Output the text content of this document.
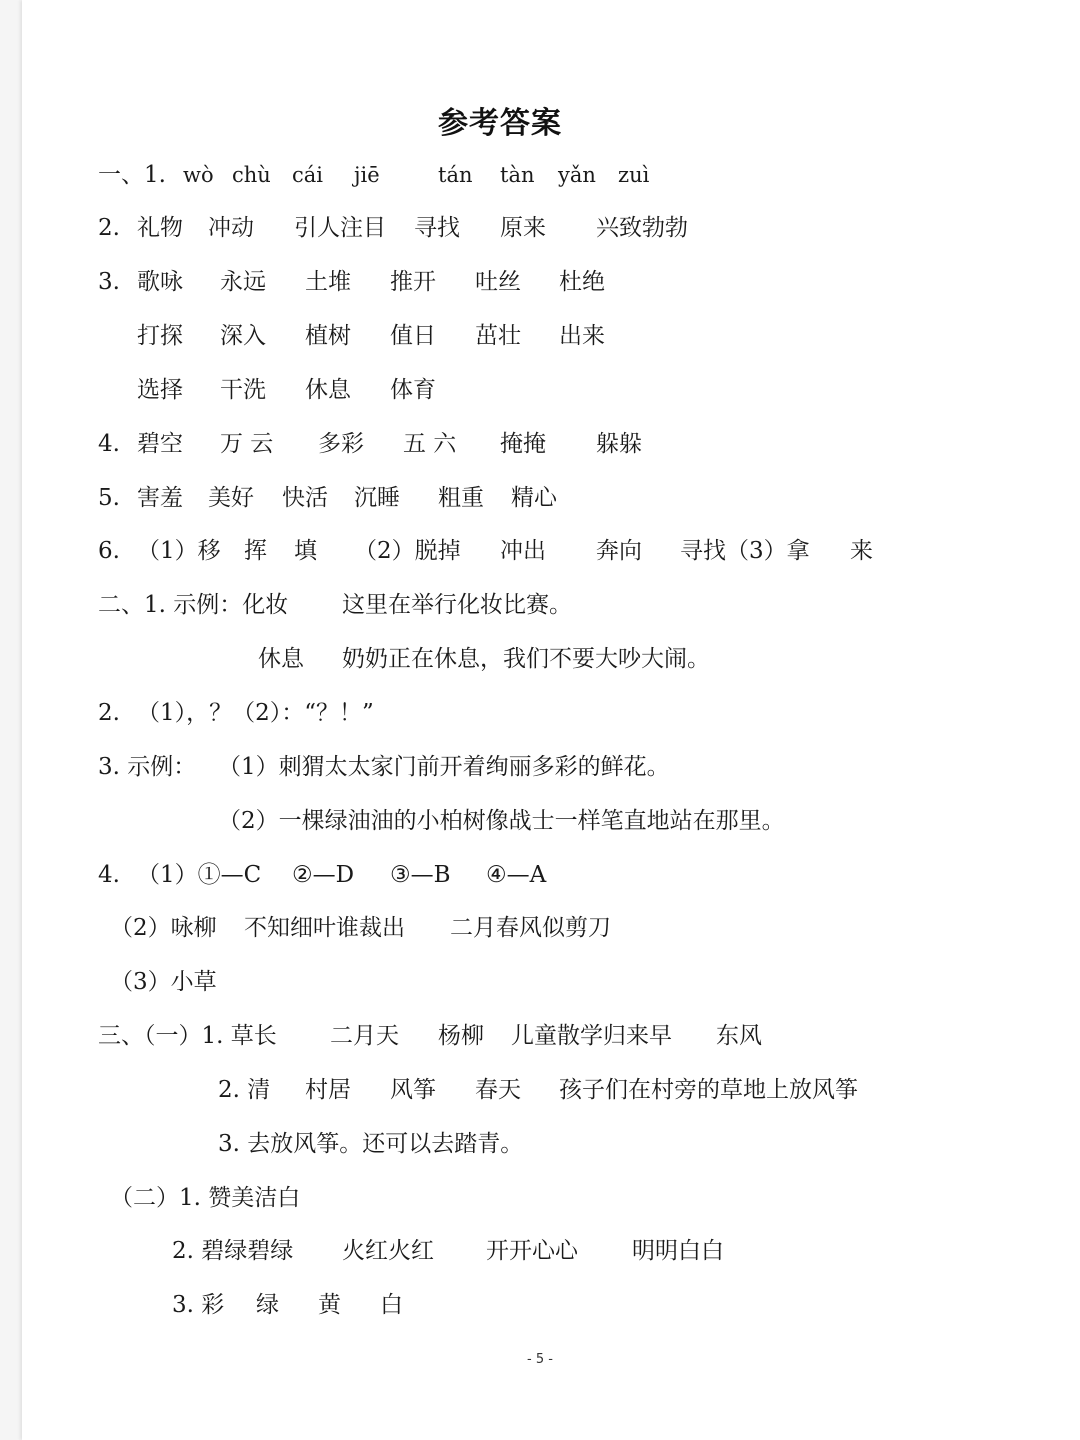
参考答案
一、1. wò chù cái jiē	tán tàn yǎn zuì
2. 礼物 冲动 引人注目 寻找 原来 兴致勃勃
3. 歌咏 永远 土堆 推开 吐丝 杜绝
打探 深入 植树 值日 茁壮 出来
选择 干洗 休息 体育
4. 碧空 万 云 多彩 五 六 掩掩 躲躲
5. 害羞 美好 快活 沉睡 粗重 精心
6. （1）移 挥 填 （2）脱掉 冲出 奔向 寻找（3）拿 来
二、1. 示例：化妆 这里在举行化妆比赛。
休息 奶奶正在休息，我们不要大吵大闹。
2. （1），？（2）：“？！”
3. 示例： （1）刺猬太太家门前开着绚丽多彩的鲜花。
（2）一棵绿油油的小柏树像战士一样笔直地站在那里。
4. （1）①—C ②—D ③—B ④—A
（2）咏柳 不知细叶谁裁出 二月春风似剪刀
（3）小草
三、（一）1. 草长 二月天 杨柳 儿童散学归来早 东风
2. 清 村居 风筝 春天 孩子们在村旁的草地上放风筝
3. 去放风筝。还可以去踏青。
（二）1. 赞美洁白
2. 碧绿碧绿 火红火红 开开心心 明明白白
3. 彩 绿 黄 白
- 5 -
